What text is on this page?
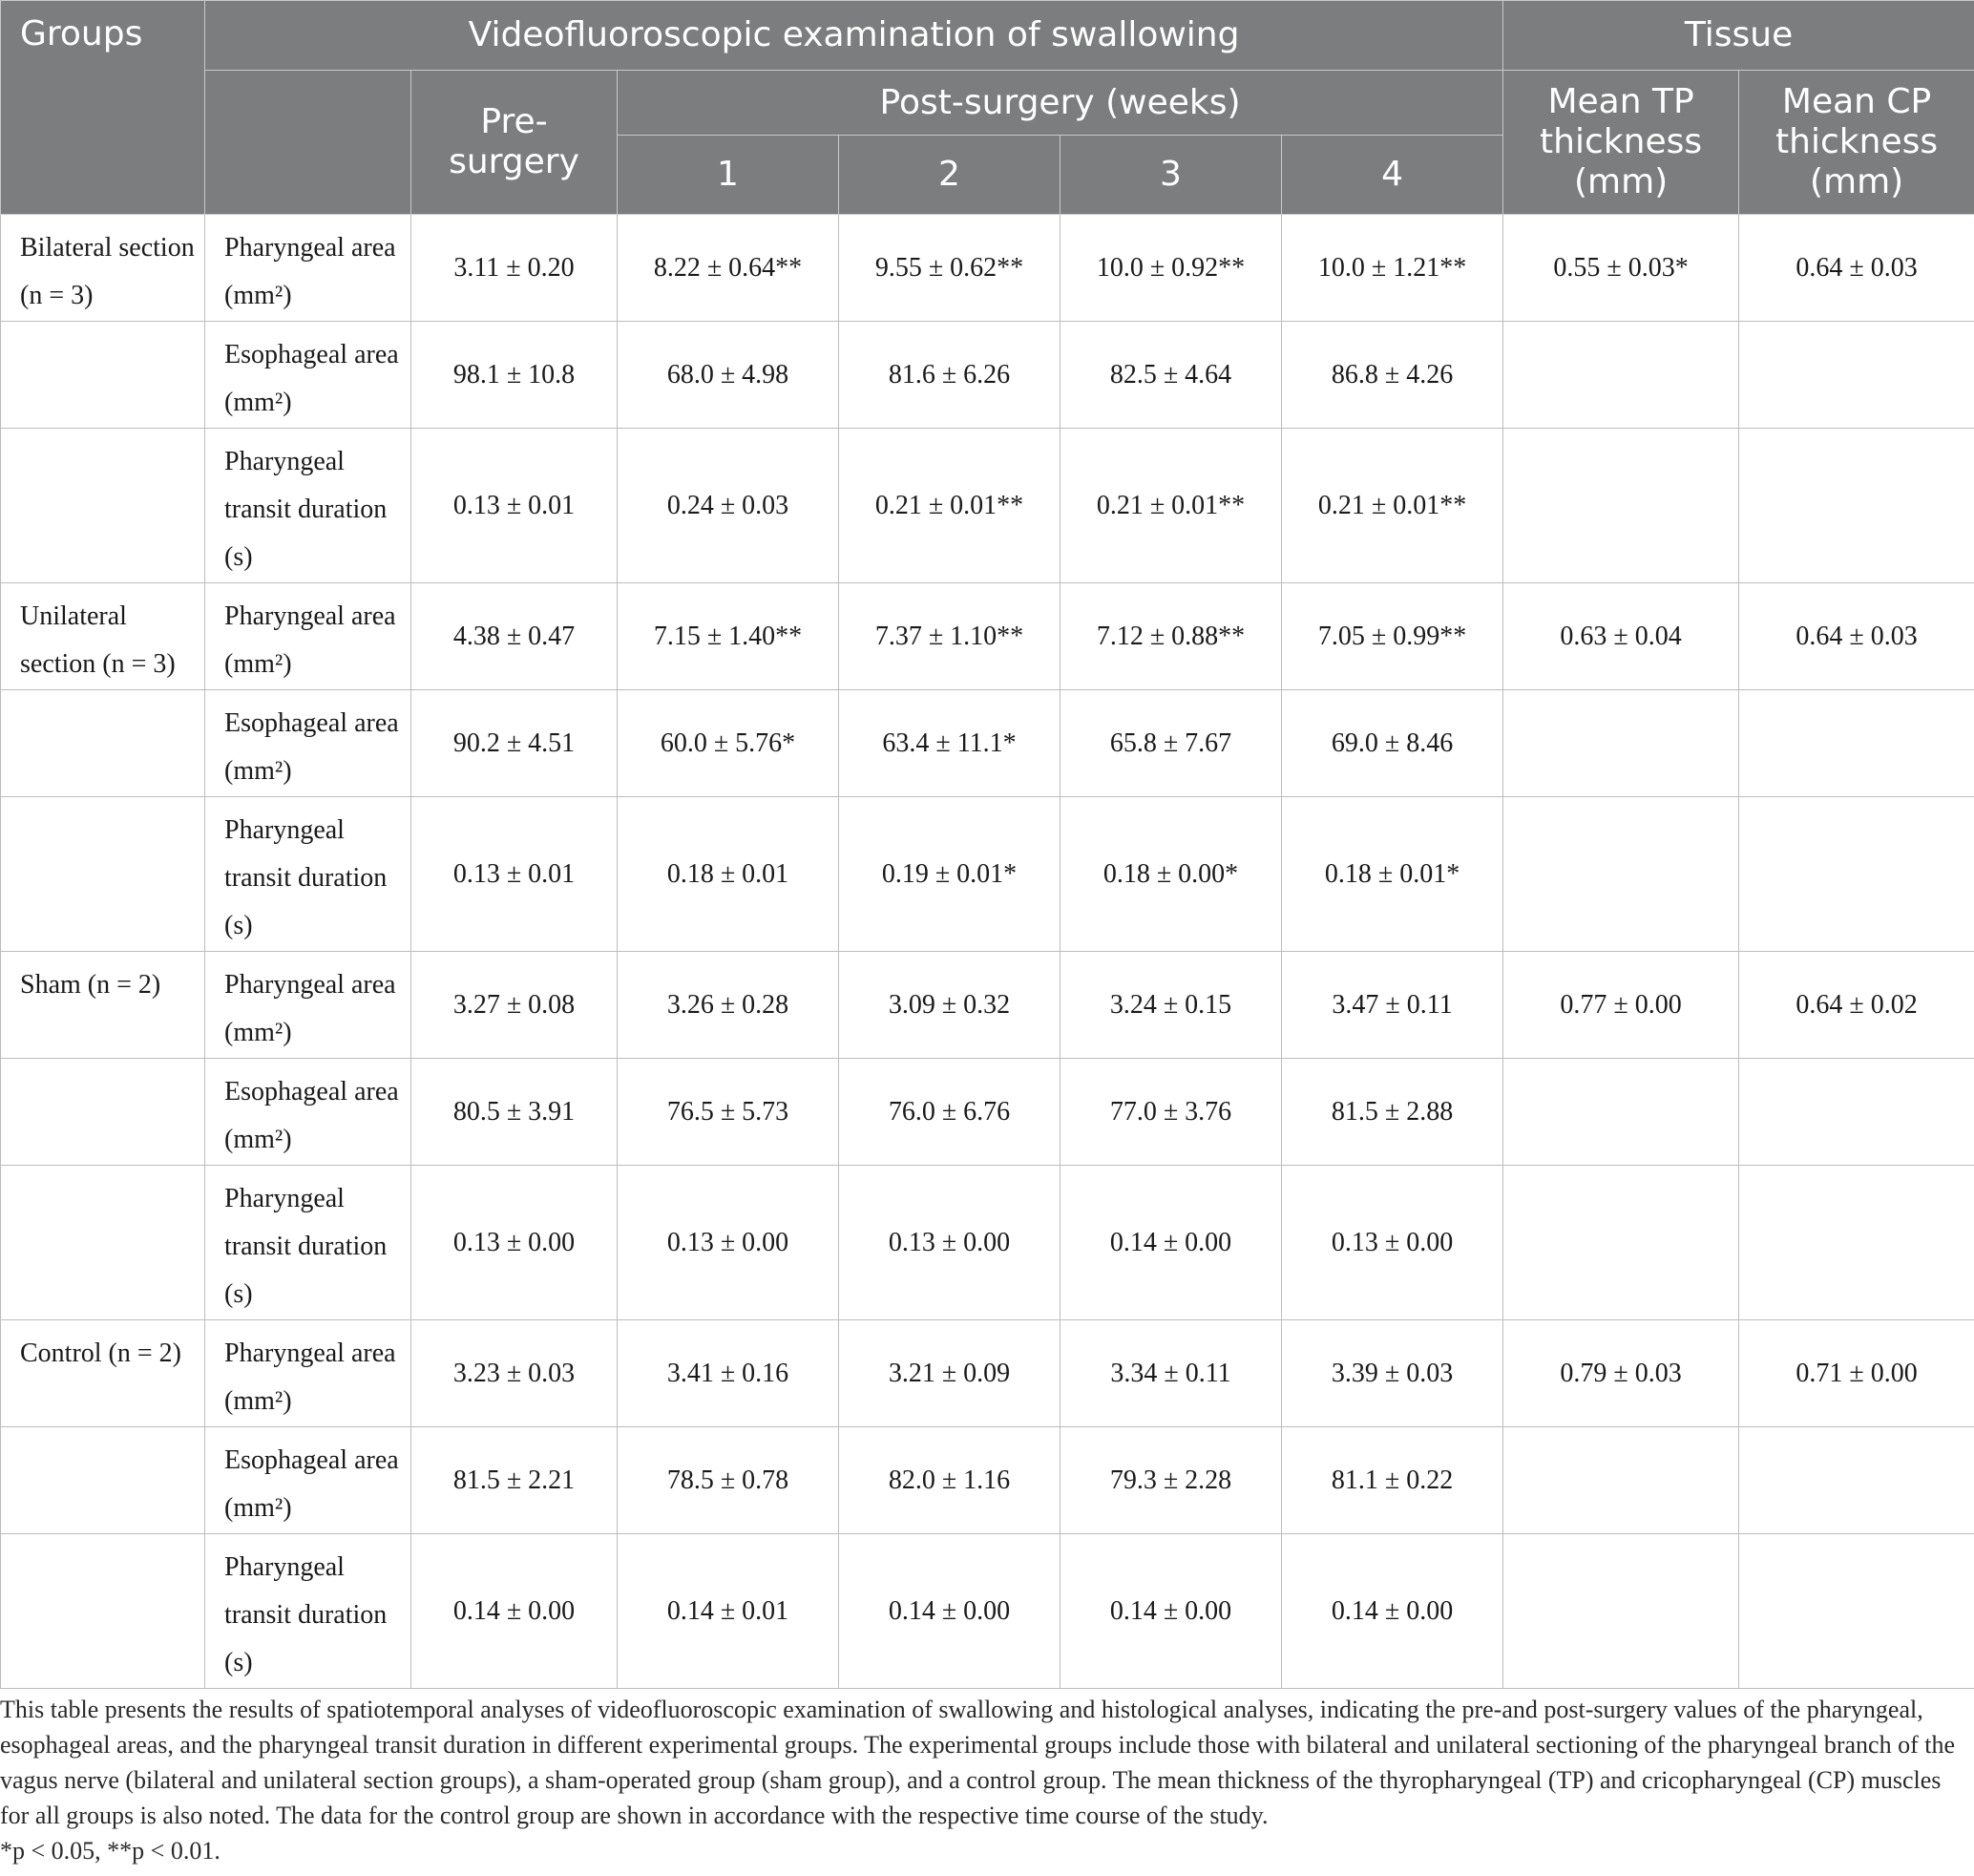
Groups	Videofluoroscopic examination of swallowing						Tissue	
		Pre-surgery	Post-surgery (weeks)				Mean TP thickness (mm)	Mean CP thickness (mm)
			1	2	3	4		
Bilateral section (n = 3)	Pharyngeal area (mm²)	3.11 ± 0.20	8.22 ± 0.64**	9.55 ± 0.62**	10.0 ± 0.92**	10.0 ± 1.21**	0.55 ± 0.03*	0.64 ± 0.03
	Esophageal area (mm²)	98.1 ± 10.8	68.0 ± 4.98	81.6 ± 6.26	82.5 ± 4.64	86.8 ± 4.26		
	Pharyngeal transit duration (s)	0.13 ± 0.01	0.24 ± 0.03	0.21 ± 0.01**	0.21 ± 0.01**	0.21 ± 0.01**		
Unilateral section (n = 3)	Pharyngeal area (mm²)	4.38 ± 0.47	7.15 ± 1.40**	7.37 ± 1.10**	7.12 ± 0.88**	7.05 ± 0.99**	0.63 ± 0.04	0.64 ± 0.03
	Esophageal area (mm²)	90.2 ± 4.51	60.0 ± 5.76*	63.4 ± 11.1*	65.8 ± 7.67	69.0 ± 8.46		
	Pharyngeal transit duration (s)	0.13 ± 0.01	0.18 ± 0.01	0.19 ± 0.01*	0.18 ± 0.00*	0.18 ± 0.01*		
Sham (n = 2)	Pharyngeal area (mm²)	3.27 ± 0.08	3.26 ± 0.28	3.09 ± 0.32	3.24 ± 0.15	3.47 ± 0.11	0.77 ± 0.00	0.64 ± 0.02
	Esophageal area (mm²)	80.5 ± 3.91	76.5 ± 5.73	76.0 ± 6.76	77.0 ± 3.76	81.5 ± 2.88		
	Pharyngeal transit duration (s)	0.13 ± 0.00	0.13 ± 0.00	0.13 ± 0.00	0.14 ± 0.00	0.13 ± 0.00		
Control (n = 2)	Pharyngeal area (mm²)	3.23 ± 0.03	3.41 ± 0.16	3.21 ± 0.09	3.34 ± 0.11	3.39 ± 0.03	0.79 ± 0.03	0.71 ± 0.00
	Esophageal area (mm²)	81.5 ± 2.21	78.5 ± 0.78	82.0 ± 1.16	79.3 ± 2.28	81.1 ± 0.22		
	Pharyngeal transit duration (s)	0.14 ± 0.00	0.14 ± 0.01	0.14 ± 0.00	0.14 ± 0.00	0.14 ± 0.00		

This table presents the results of spatiotemporal analyses of videofluoroscopic examination of swallowing and histological analyses, indicating the pre-and post-surgery values of the pharyngeal, esophageal areas, and the pharyngeal transit duration in different experimental groups. The experimental groups include those with bilateral and unilateral sectioning of the pharyngeal branch of the vagus nerve (bilateral and unilateral section groups), a sham-operated group (sham group), and a control group. The mean thickness of the thyropharyngeal (TP) and cricopharyngeal (CP) muscles for all groups is also noted. The data for the control group are shown in accordance with the respective time course of the study.

*p < 0.05, **p < 0.01.
